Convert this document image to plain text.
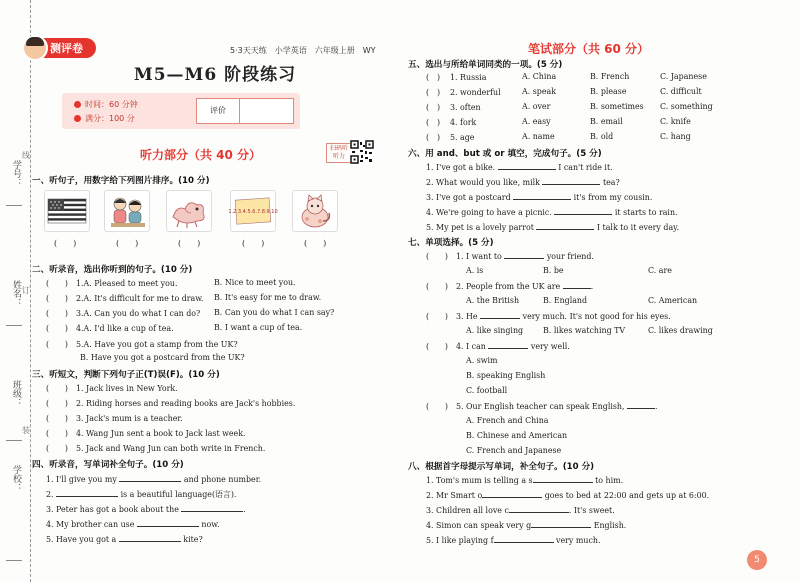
学号：
线
姓名： 订
班级：
装
学校：
测评卷	5·3天天练　小学英语　六年级上册　WY
M5—M6 阶段练习
时间：60 分钟
满分：100 分
评价
听力部分（共 40 分）	扫码听听力
一、听句子，用数字给下列图片排序。(10 分)
1.2.3.4.5.6.7.8.9.10
(　　)	(　　)	(　　)	(　　)	(　　)
二、听录音，选出你听到的句子。(10 分)
(　　) 1.A. Pleased to meet you.	B. Nice to meet you.
(　　) 2.A. It's difficult for me to draw. B. It's easy for me to draw.
(　　) 3.A. Can you do what I can do? B. Can you do what I can say?
(　　) 4.A. I'd like a cup of tea.	B. I want a cup of tea.
(　　) 5.A. Have you got a stamp from the UK?
B. Have you got a postcard from the UK?
三、听短文，判断下列句子正(T)误(F)。(10 分)
(　　) 1. Jack lives in New York.
(　　) 2. Riding horses and reading books are Jack's hobbies.
(　　) 3. Jack's mum is a teacher.
(　　) 4. Wang Jun sent a book to Jack last week.
(　　) 5. Jack and Wang Jun can both write in French.
四、听录音，写单词补全句子。(10 分)
1. I'll give you my	and phone number.
2.	is a beautiful language(语言).
3. Peter has got a book about the	.
4. My brother can use	now.
5. Have you got a	kite?
笔试部分（共 60 分）
五、选出与所给单词同类的一项。(5 分)
(　) 1. Russia	A. China	B. French	C. Japanese
(　) 2. wonderful	A. speak	B. please	C. difficult
(　) 3. often	A. over	B. sometimes C. something
(　) 4. fork	A. easy	B. email	C. knife
(　) 5. age	A. name	B. old	C. hang
六、用 and、but 或 or 填空，完成句子。(5 分)
1. I've got a bike.	I can't ride it.
2. What would you like, milk	tea?
3. I've got a postcard	it's from my cousin.
4. We're going to have a picnic.	it starts to rain.
5. My pet is a lovely parrot	I talk to it every day.
七、单项选择。(5 分)
(　　) 1. I want to	your friend.
A. is	B. be	C. are
(　　) 2. People from the UK are	.
A. the British	B. England	C. American
(　　) 3. He	very much. It's not good for his eyes.
A. like singing	B. likes watching TV	C. likes drawing
(　　) 4. I can	very well.
A. swim
B. speaking English
C. football
(　　) 5. Our English teacher can speak English,	.
A. French and China
B. Chinese and American
C. French and Japanese
八、根据首字母提示写单词，补全句子。(10 分)
1. Tom's mum is telling a s	to him.
2. Mr Smart o	goes to bed at 22:00 and gets up at 6:00.
3. Children all love c	. It's sweet.
4. Simon can speak very g	English.
5. I like playing f	very much.
5
